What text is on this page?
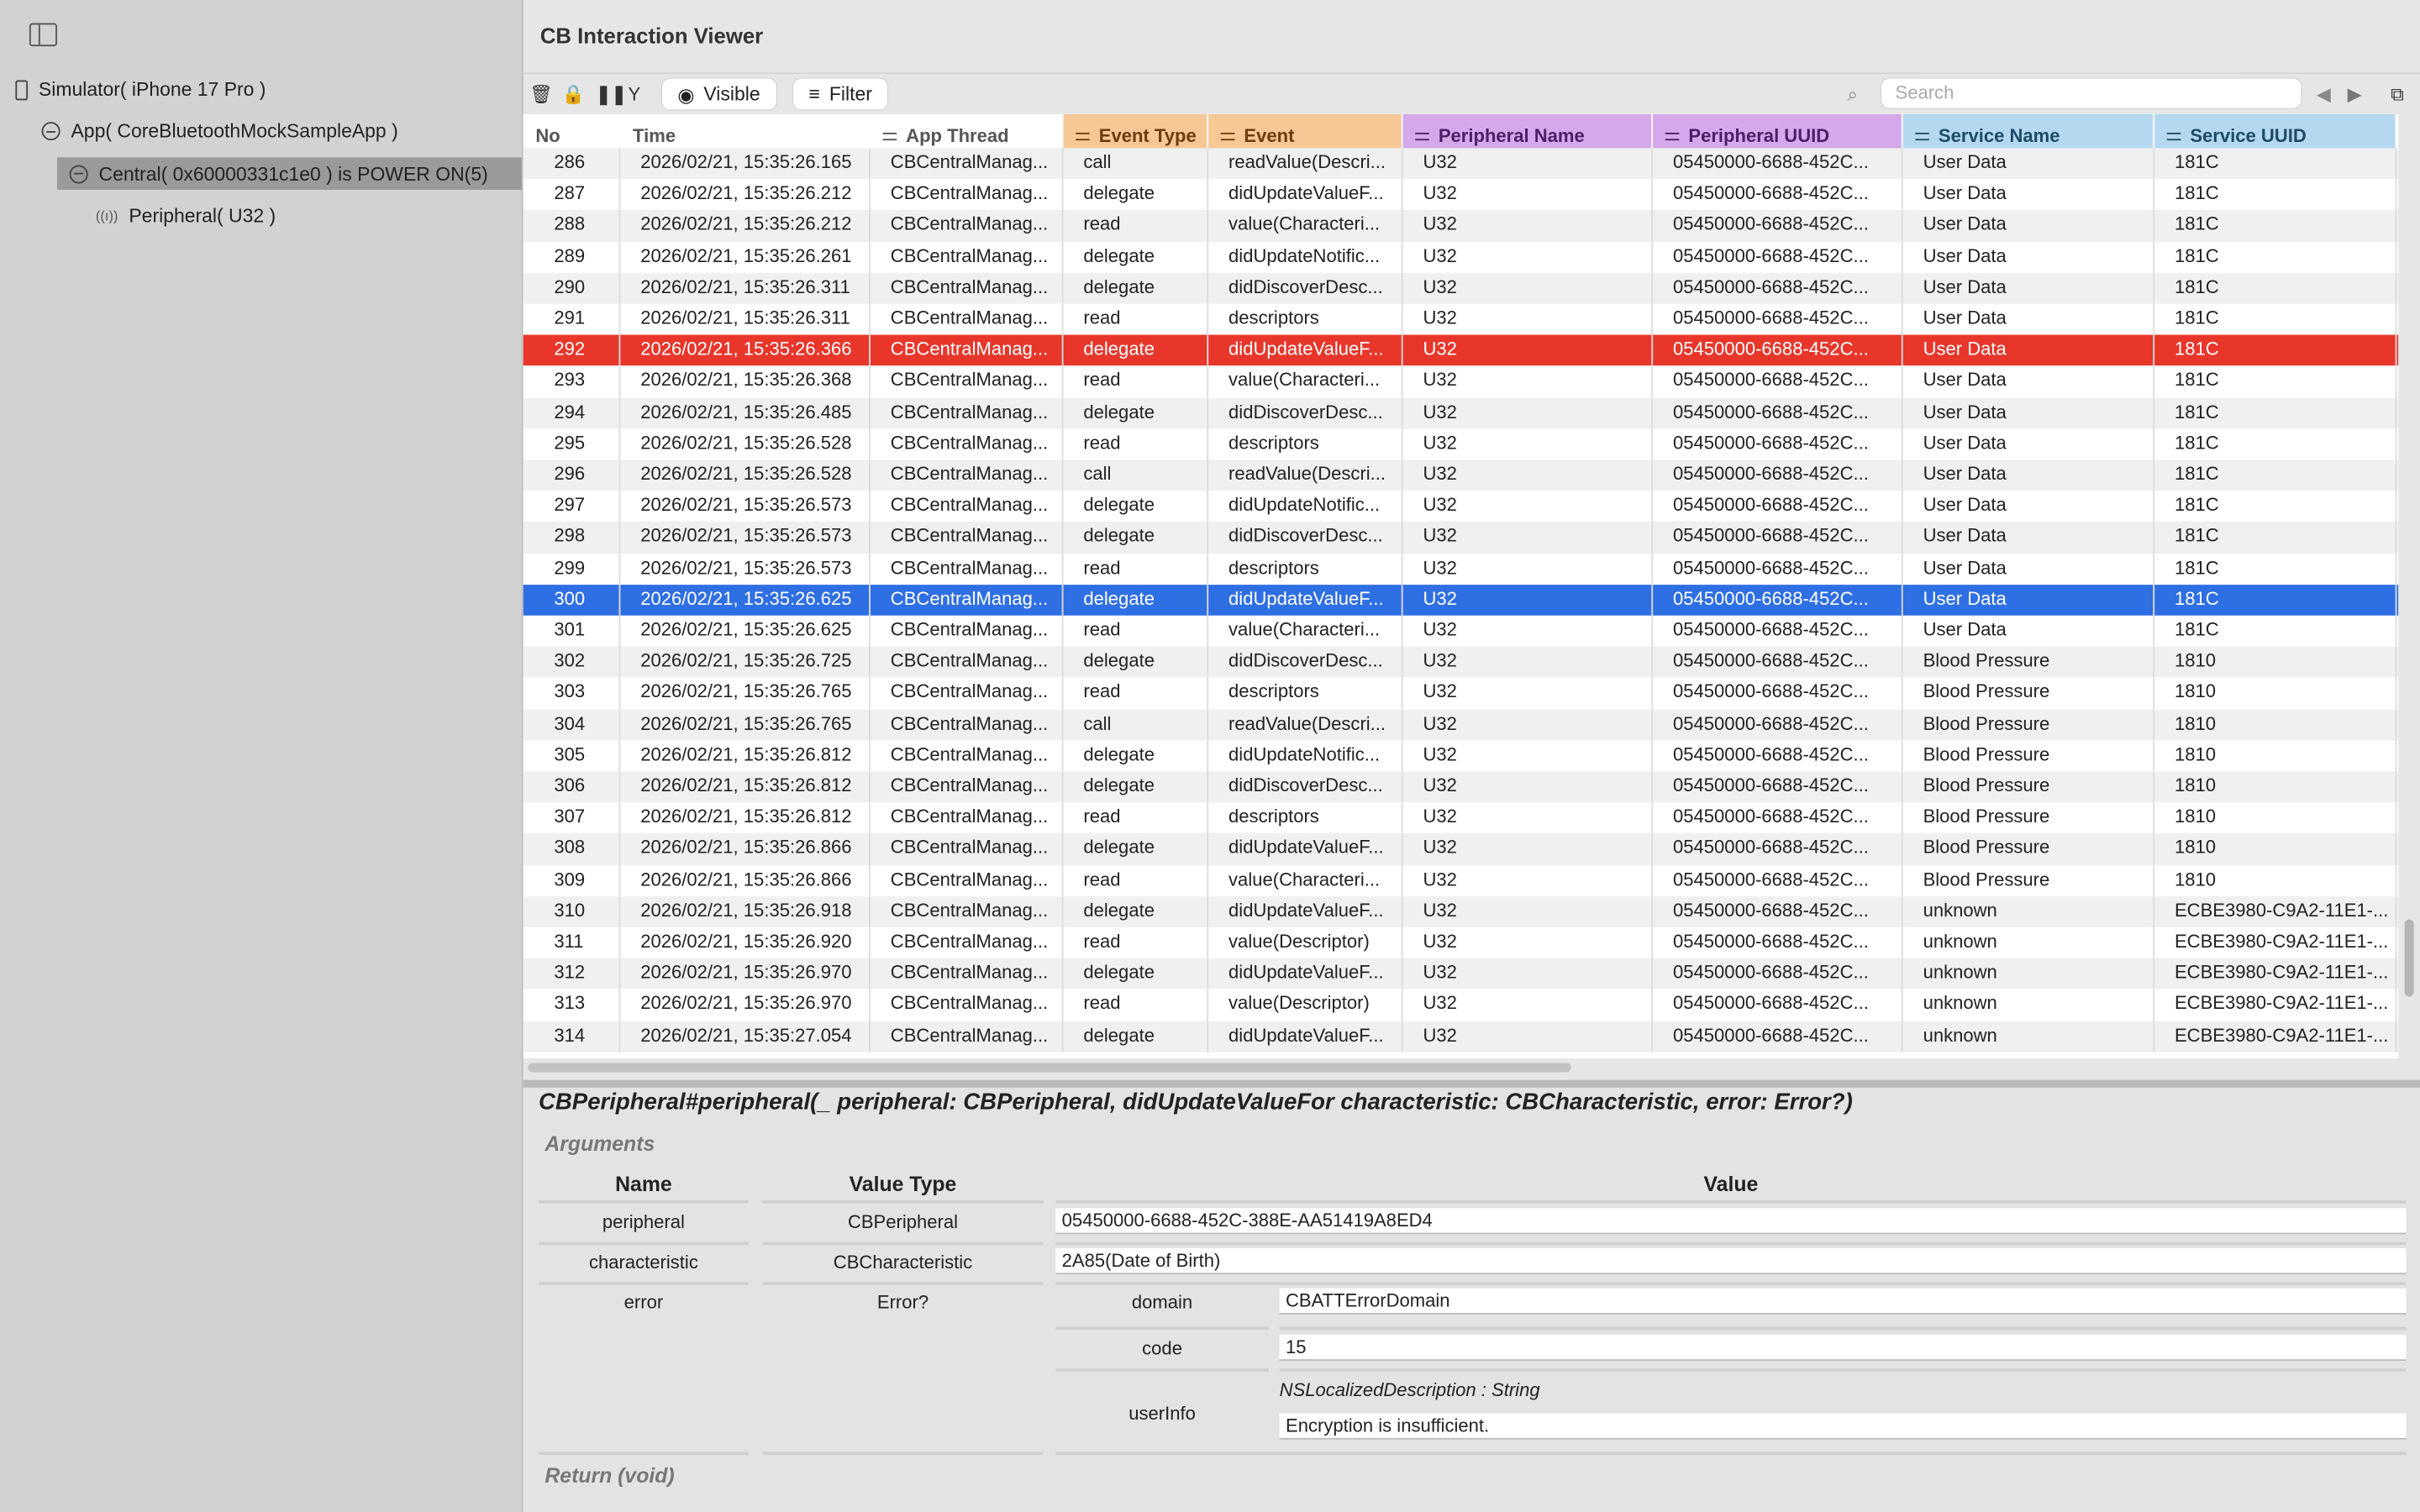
Simulator( iPhone 17 Pro )
App( CoreBluetoothMockSampleApp )
Central( 0x60000331c1e0 ) is POWER ON(5)
((ı)) Peripheral( U32 )
CB Interaction Viewer
🗑 🔒 ❚❚ Y	◉ Visible	≡ Filter	⌕	Search	◀ ▶	⧉
No	Time	App Thread	Event Type	Event	Peripheral Name	Peripheral UUID	Service Name	Service UUID
286	2026/02/21, 15:35:26.165	CBCentralManag...	call	readValue(Descri...	U32	05450000-6688-452C...	User Data	181C
287	2026/02/21, 15:35:26.212	CBCentralManag...	delegate	didUpdateValueF...	U32	05450000-6688-452C...	User Data	181C
288	2026/02/21, 15:35:26.212	CBCentralManag...	read	value(Characteri...	U32	05450000-6688-452C...	User Data	181C
289	2026/02/21, 15:35:26.261	CBCentralManag...	delegate	didUpdateNotific...	U32	05450000-6688-452C...	User Data	181C
290	2026/02/21, 15:35:26.311	CBCentralManag...	delegate	didDiscoverDesc...	U32	05450000-6688-452C...	User Data	181C
291	2026/02/21, 15:35:26.311	CBCentralManag...	read	descriptors	U32	05450000-6688-452C...	User Data	181C
292	2026/02/21, 15:35:26.366	CBCentralManag...	delegate	didUpdateValueF...	U32	05450000-6688-452C...	User Data	181C
293	2026/02/21, 15:35:26.368	CBCentralManag...	read	value(Characteri...	U32	05450000-6688-452C...	User Data	181C
294	2026/02/21, 15:35:26.485	CBCentralManag...	delegate	didDiscoverDesc...	U32	05450000-6688-452C...	User Data	181C
295	2026/02/21, 15:35:26.528	CBCentralManag...	read	descriptors	U32	05450000-6688-452C...	User Data	181C
296	2026/02/21, 15:35:26.528	CBCentralManag...	call	readValue(Descri...	U32	05450000-6688-452C...	User Data	181C
297	2026/02/21, 15:35:26.573	CBCentralManag...	delegate	didUpdateNotific...	U32	05450000-6688-452C...	User Data	181C
298	2026/02/21, 15:35:26.573	CBCentralManag...	delegate	didDiscoverDesc...	U32	05450000-6688-452C...	User Data	181C
299	2026/02/21, 15:35:26.573	CBCentralManag...	read	descriptors	U32	05450000-6688-452C...	User Data	181C
300	2026/02/21, 15:35:26.625	CBCentralManag...	delegate	didUpdateValueF...	U32	05450000-6688-452C...	User Data	181C
301	2026/02/21, 15:35:26.625	CBCentralManag...	read	value(Characteri...	U32	05450000-6688-452C...	User Data	181C
302	2026/02/21, 15:35:26.725	CBCentralManag...	delegate	didDiscoverDesc...	U32	05450000-6688-452C...	Blood Pressure	1810
303	2026/02/21, 15:35:26.765	CBCentralManag...	read	descriptors	U32	05450000-6688-452C...	Blood Pressure	1810
304	2026/02/21, 15:35:26.765	CBCentralManag...	call	readValue(Descri...	U32	05450000-6688-452C...	Blood Pressure	1810
305	2026/02/21, 15:35:26.812	CBCentralManag...	delegate	didUpdateNotific...	U32	05450000-6688-452C...	Blood Pressure	1810
306	2026/02/21, 15:35:26.812	CBCentralManag...	delegate	didDiscoverDesc...	U32	05450000-6688-452C...	Blood Pressure	1810
307	2026/02/21, 15:35:26.812	CBCentralManag...	read	descriptors	U32	05450000-6688-452C...	Blood Pressure	1810
308	2026/02/21, 15:35:26.866	CBCentralManag...	delegate	didUpdateValueF...	U32	05450000-6688-452C...	Blood Pressure	1810
309	2026/02/21, 15:35:26.866	CBCentralManag...	read	value(Characteri...	U32	05450000-6688-452C...	Blood Pressure	1810
310	2026/02/21, 15:35:26.918	CBCentralManag...	delegate	didUpdateValueF...	U32	05450000-6688-452C...	unknown	ECBE3980-C9A2-11E1-...
311	2026/02/21, 15:35:26.920	CBCentralManag...	read	value(Descriptor)	U32	05450000-6688-452C...	unknown	ECBE3980-C9A2-11E1-...
312	2026/02/21, 15:35:26.970	CBCentralManag...	delegate	didUpdateValueF...	U32	05450000-6688-452C...	unknown	ECBE3980-C9A2-11E1-...
313	2026/02/21, 15:35:26.970	CBCentralManag...	read	value(Descriptor)	U32	05450000-6688-452C...	unknown	ECBE3980-C9A2-11E1-...
314	2026/02/21, 15:35:27.054	CBCentralManag...	delegate	didUpdateValueF...	U32	05450000-6688-452C...	unknown	ECBE3980-C9A2-11E1-...
CBPeripheral#peripheral(_ peripheral: CBPeripheral, didUpdateValueFor characteristic: CBCharacteristic, error: Error?)
Arguments
Name	Value Type	Value
peripheral	CBPeripheral	05450000-6688-452C-388E-AA51419A8ED4
characteristic	CBCharacteristic	2A85(Date of Birth)
error	Error?	domain	CBATTErrorDomain
code	15
userInfo
NSLocalizedDescription : String
Encryption is insufficient.
Return (void)
